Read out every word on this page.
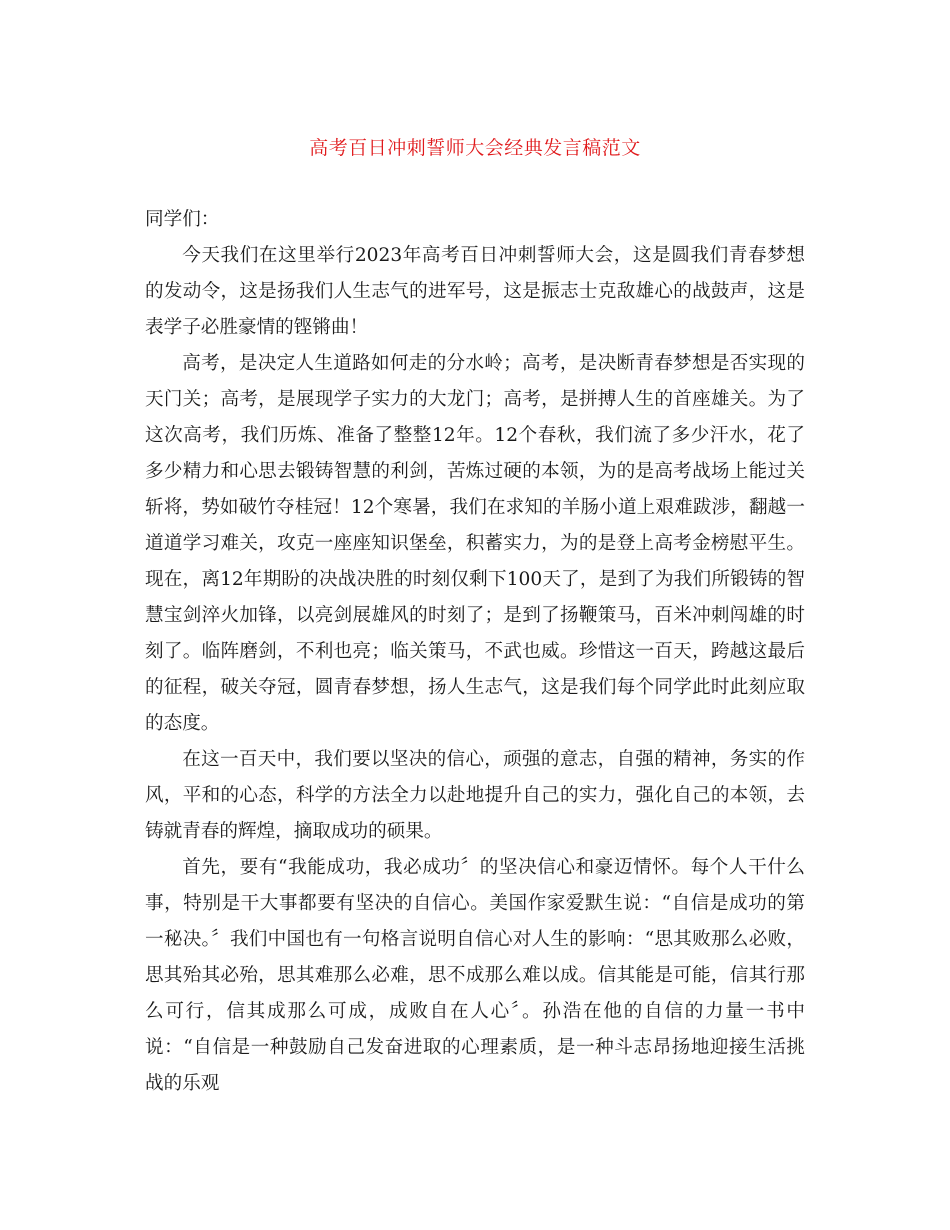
高考百日冲刺誓师大会经典发言稿范文

同学们：

今天我们在这里举行2023年高考百日冲刺誓师大会，这是圆我们青春梦想的发动令，这是扬我们人生志气的进军号，这是振志士克敌雄心的战鼓声，这是表学子必胜豪情的铿锵曲！

高考，是决定人生道路如何走的分水岭；高考，是决断青春梦想是否实现的天门关；高考，是展现学子实力的大龙门；高考，是拼搏人生的首座雄关。为了这次高考，我们历炼、准备了整整12年。12个春秋，我们流了多少汗水，花了多少精力和心思去锻铸智慧的利剑，苦炼过硬的本领，为的是高考战场上能过关斩将，势如破竹夺桂冠！12个寒暑，我们在求知的羊肠小道上艰难跋涉，翻越一道道学习难关，攻克一座座知识堡垒，积蓄实力，为的是登上高考金榜慰平生。现在，离12年期盼的决战决胜的时刻仅剩下100天了，是到了为我们所锻铸的智慧宝剑淬火加锋，以亮剑展雄风的时刻了；是到了扬鞭策马，百米冲刺闯雄的时刻了。临阵磨剑，不利也亮；临关策马，不武也威。珍惜这一百天，跨越这最后的征程，破关夺冠，圆青春梦想，扬人生志气，这是我们每个同学此时此刻应取的态度。

在这一百天中，我们要以坚决的信心，顽强的意志，自强的精神，务实的作风，平和的心态，科学的方法全力以赴地提升自己的实力，强化自己的本领，去铸就青春的辉煌，摘取成功的硕果。

首先，要有“我能成功，我必成功〞的坚决信心和豪迈情怀。每个人干什么事，特别是干大事都要有坚决的自信心。美国作家爱默生说：“自信是成功的第一秘决。〞我们中国也有一句格言说明自信心对人生的影响：“思其败那么必败，思其殆其必殆，思其难那么必难，思不成那么难以成。信其能是可能，信其行那么可行，信其成那么可成，成败自在人心〞。孙浩在他的自信的力量一书中说：“自信是一种鼓励自己发奋进取的心理素质，是一种斗志昂扬地迎接生活挑战的乐观
